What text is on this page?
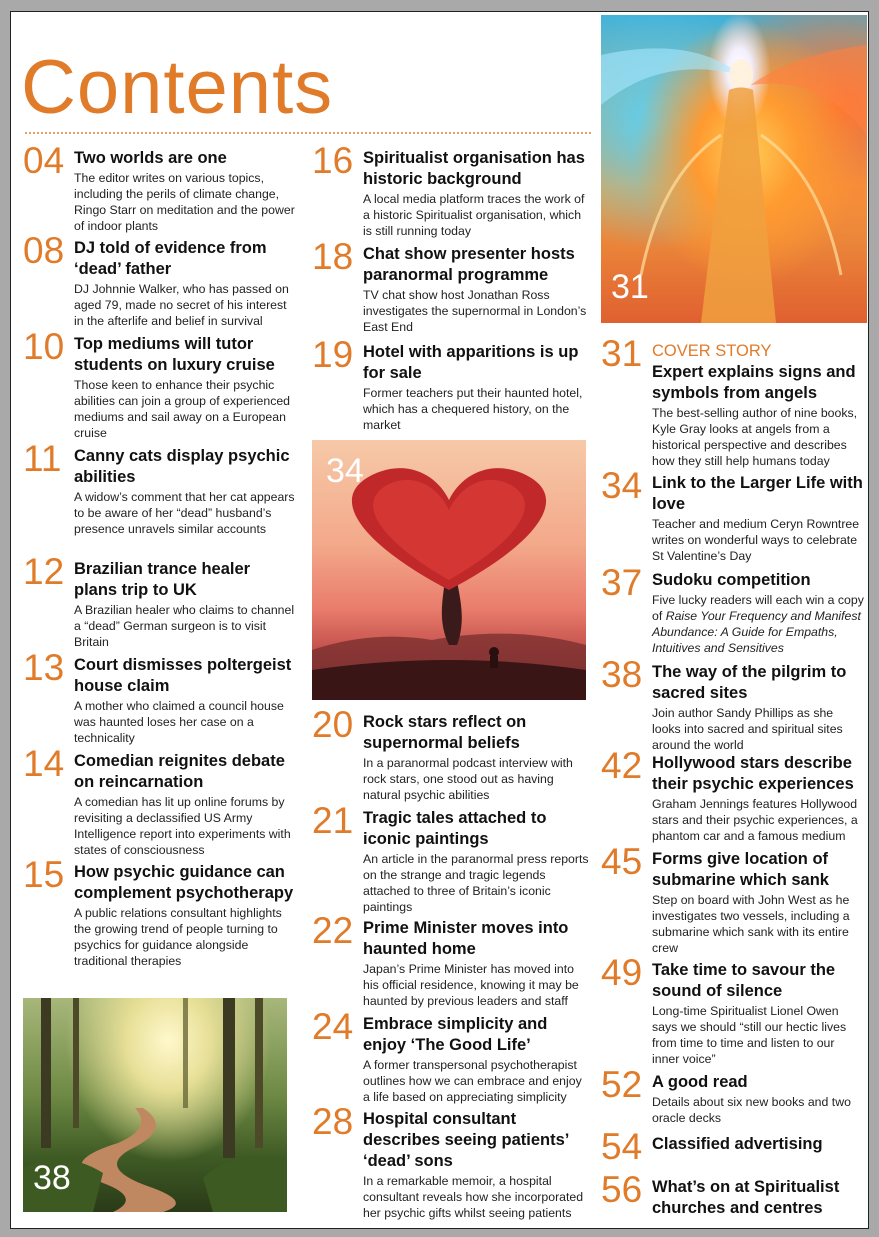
Contents
31
34
38
04 Two worlds are one
The editor writes on various topics, including the perils of climate change, Ringo Starr on meditation and the power of indoor plants
08 DJ told of evidence from ‘dead’ father
DJ Johnnie Walker, who has passed on aged 79, made no secret of his interest in the afterlife and belief in survival
10 Top mediums will tutor students on luxury cruise
Those keen to enhance their psychic abilities can join a group of experienced mediums and sail away on a European cruise
11 Canny cats display psychic abilities
A widow’s comment that her cat appears to be aware of her “dead” husband’s presence unravels similar accounts
12 Brazilian trance healer plans trip to UK
A Brazilian healer who claims to channel a “dead” German surgeon is to visit Britain
13 Court dismisses poltergeist house claim
A mother who claimed a council house was haunted loses her case on a technicality
14 Comedian reignites debate on reincarnation
A comedian has lit up online forums by revisiting a declassified US Army Intelligence report into experiments with states of consciousness
15 How psychic guidance can complement psychotherapy
A public relations consultant highlights the growing trend of people turning to psychics for guidance alongside traditional therapies
16 Spiritualist organisation has historic background
A local media platform traces the work of a historic Spiritualist organisation, which is still running today
18 Chat show presenter hosts paranormal programme
TV chat show host Jonathan Ross investigates the supernormal in London’s East End
19 Hotel with apparitions is up for sale
Former teachers put their haunted hotel, which has a chequered history, on the market
20 Rock stars reflect on supernormal beliefs
In a paranormal podcast interview with rock stars, one stood out as having natural psychic abilities
21 Tragic tales attached to iconic paintings
An article in the paranormal press reports on the strange and tragic legends attached to three of Britain’s iconic paintings
22 Prime Minister moves into haunted home
Japan’s Prime Minister has moved into his official residence, knowing it may be haunted by previous leaders and staff
24 Embrace simplicity and enjoy ‘The Good Life’
A former transpersonal psychotherapist outlines how we can embrace and enjoy a life based on appreciating simplicity
28 Hospital consultant describes seeing patients’ ‘dead’ sons
In a remarkable memoir, a hospital consultant reveals how she incorporated her psychic gifts whilst seeing patients
31 COVER STORY
Expert explains signs and symbols from angels
The best-selling author of nine books, Kyle Gray looks at angels from a historical perspective and describes how they still help humans today
34 Link to the Larger Life with love
Teacher and medium Ceryn Rowntree writes on wonderful ways to celebrate St Valentine’s Day
37 Sudoku competition
Five lucky readers will each win a copy of Raise Your Frequency and Manifest Abundance: A Guide for Empaths, Intuitives and Sensitives
38 The way of the pilgrim to sacred sites
Join author Sandy Phillips as she looks into sacred and spiritual sites around the world
42 Hollywood stars describe their psychic experiences
Graham Jennings features Hollywood stars and their psychic experiences, a phantom car and a famous medium
45 Forms give location of submarine which sank
Step on board with John West as he investigates two vessels, including a submarine which sank with its entire crew
49 Take time to savour the sound of silence
Long-time Spiritualist Lionel Owen says we should “still our hectic lives from time to time and listen to our inner voice”
52 A good read
Details about six new books and two oracle decks
54 Classified advertising
56 What’s on at Spiritualist churches and centres
